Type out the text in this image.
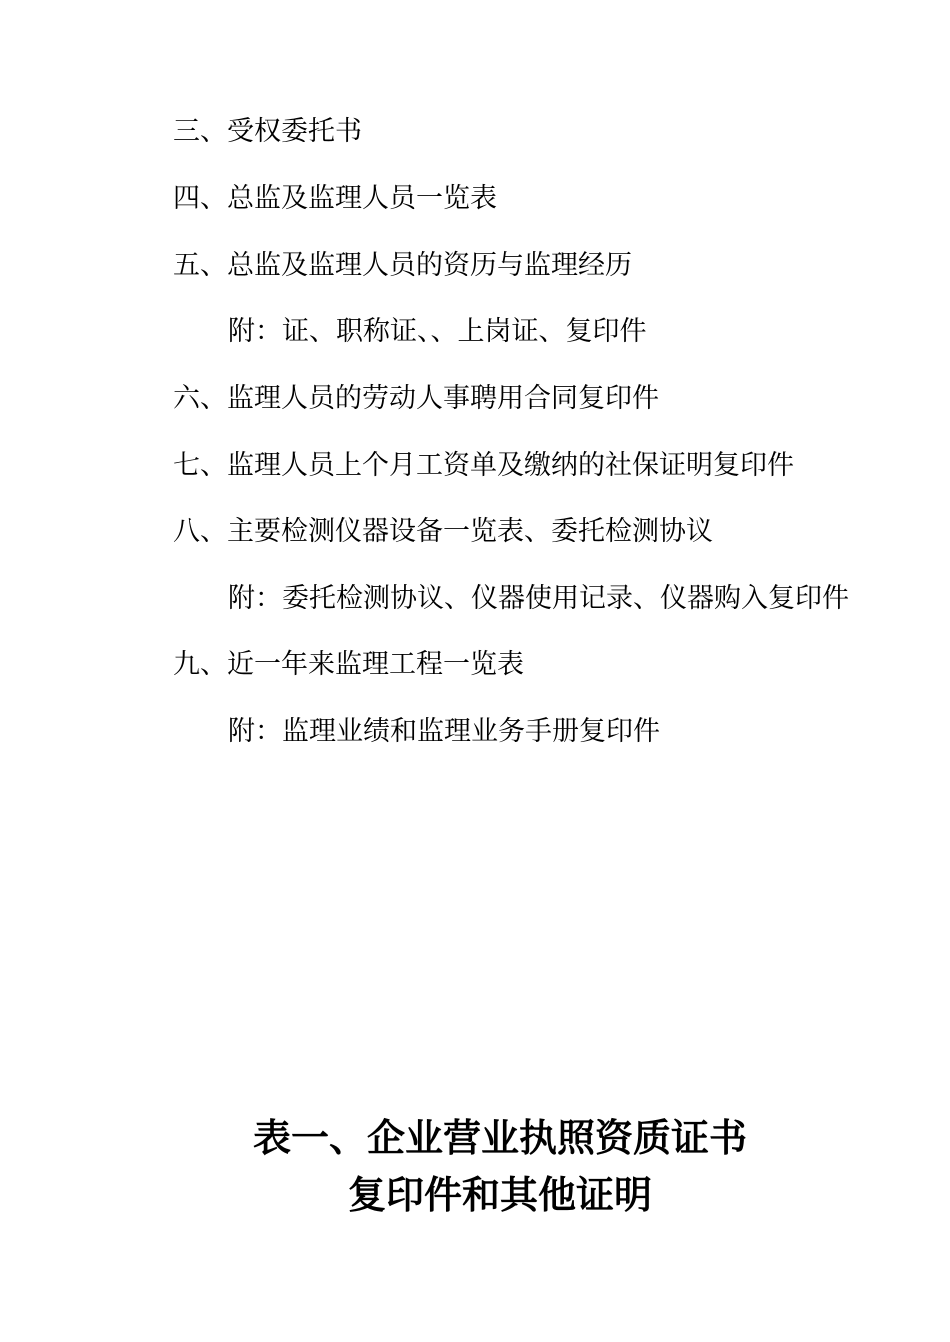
三、受权委托书
四、总监及监理人员一览表
五、总监及监理人员的资历与监理经历
附：证、职称证、、上岗证、复印件
六、监理人员的劳动人事聘用合同复印件
七、监理人员上个月工资单及缴纳的社保证明复印件
八、主要检测仪器设备一览表、委托检测协议
附：委托检测协议、仪器使用记录、仪器购入复印件
九、近一年来监理工程一览表
附：监理业绩和监理业务手册复印件
表一、企业营业执照资质证书
复印件和其他证明
